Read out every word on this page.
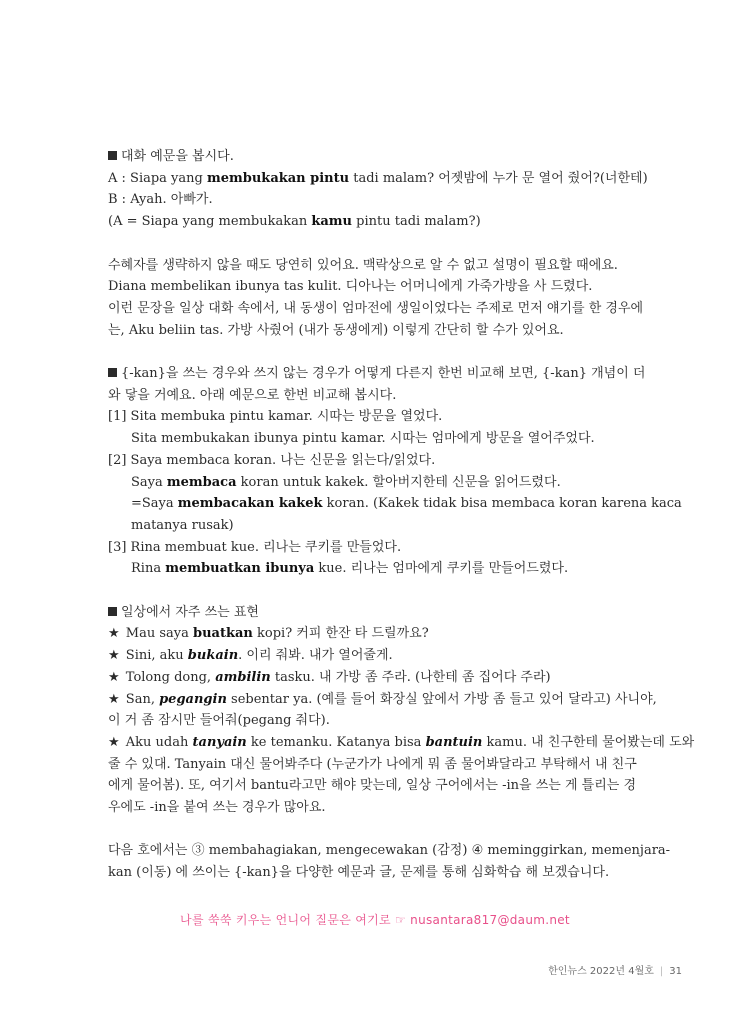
대화 예문을 봅시다.
A : Siapa yang membukakan pintu tadi malam? 어젯밤에 누가 문 열어 줬어?(너한테)
B : Ayah. 아빠가.
(A = Siapa yang membukakan kamu pintu tadi malam?)
수혜자를 생략하지 않을 때도 당연히 있어요. 맥락상으로 알 수 없고 설명이 필요할 때에요.
Diana membelikan ibunya tas kulit. 디아나는 어머니에게 가죽가방을 사 드렸다.
이런 문장을 일상 대화 속에서, 내 동생이 엄마전에 생일이었다는 주제로 먼저 얘기를 한 경우에
는, Aku beliin tas. 가방 사줬어 (내가 동생에게) 이렇게 간단히 할 수가 있어요.
{-kan}을 쓰는 경우와 쓰지 않는 경우가 어떻게 다른지 한번 비교해 보면, {-kan} 개념이 더
와 닿을 거예요. 아래 예문으로 한번 비교해 봅시다.
[1] Sita membuka pintu kamar. 시따는 방문을 열었다.
Sita membukakan ibunya pintu kamar. 시따는 엄마에게 방문을 열어주었다.
[2] Saya membaca koran. 나는 신문을 읽는다/읽었다.
Saya membaca koran untuk kakek. 할아버지한테 신문을 읽어드렸다.
=Saya membacakan kakek koran. (Kakek tidak bisa membaca koran karena kaca
matanya rusak)
[3] Rina membuat kue. 리나는 쿠키를 만들었다.
Rina membuatkan ibunya kue. 리나는 엄마에게 쿠키를 만들어드렸다.
일상에서 자주 쓰는 표현
★ Mau saya buatkan kopi? 커피 한잔 타 드릴까요?
★ Sini, aku bukain. 이리 줘봐. 내가 열어줄게.
★ Tolong dong, ambilin tasku. 내 가방 좀 주라. (나한테 좀 집어다 주라)
★ San, pegangin sebentar ya. (예를 들어 화장실 앞에서 가방 좀 들고 있어 달라고) 사니야,
이 거 좀 잠시만 들어줘(pegang 줘다).
★ Aku udah tanyain ke temanku. Katanya bisa bantuin kamu. 내 친구한테 물어봤는데 도와
줄 수 있대. Tanyain 대신 물어봐주다 (누군가가 나에게 뭐 좀 물어봐달라고 부탁해서 내 친구
에게 물어봄). 또, 여기서 bantu라고만 해야 맞는데, 일상 구어에서는 -in을 쓰는 게 틀리는 경
우에도 -in을 붙여 쓰는 경우가 많아요.
다음 호에서는 ③ membahagiakan, mengecewakan (감정) ④ meminggirkan, memenjara-
kan (이동) 에 쓰이는 {-kan}을 다양한 예문과 글, 문제를 통해 심화학습 해 보겠습니다.
나를 쑥쑥 키우는 언니어 질문은 여기로 ☞ nusantara817@daum.net
한인뉴스 2022년 4월호 | 31
